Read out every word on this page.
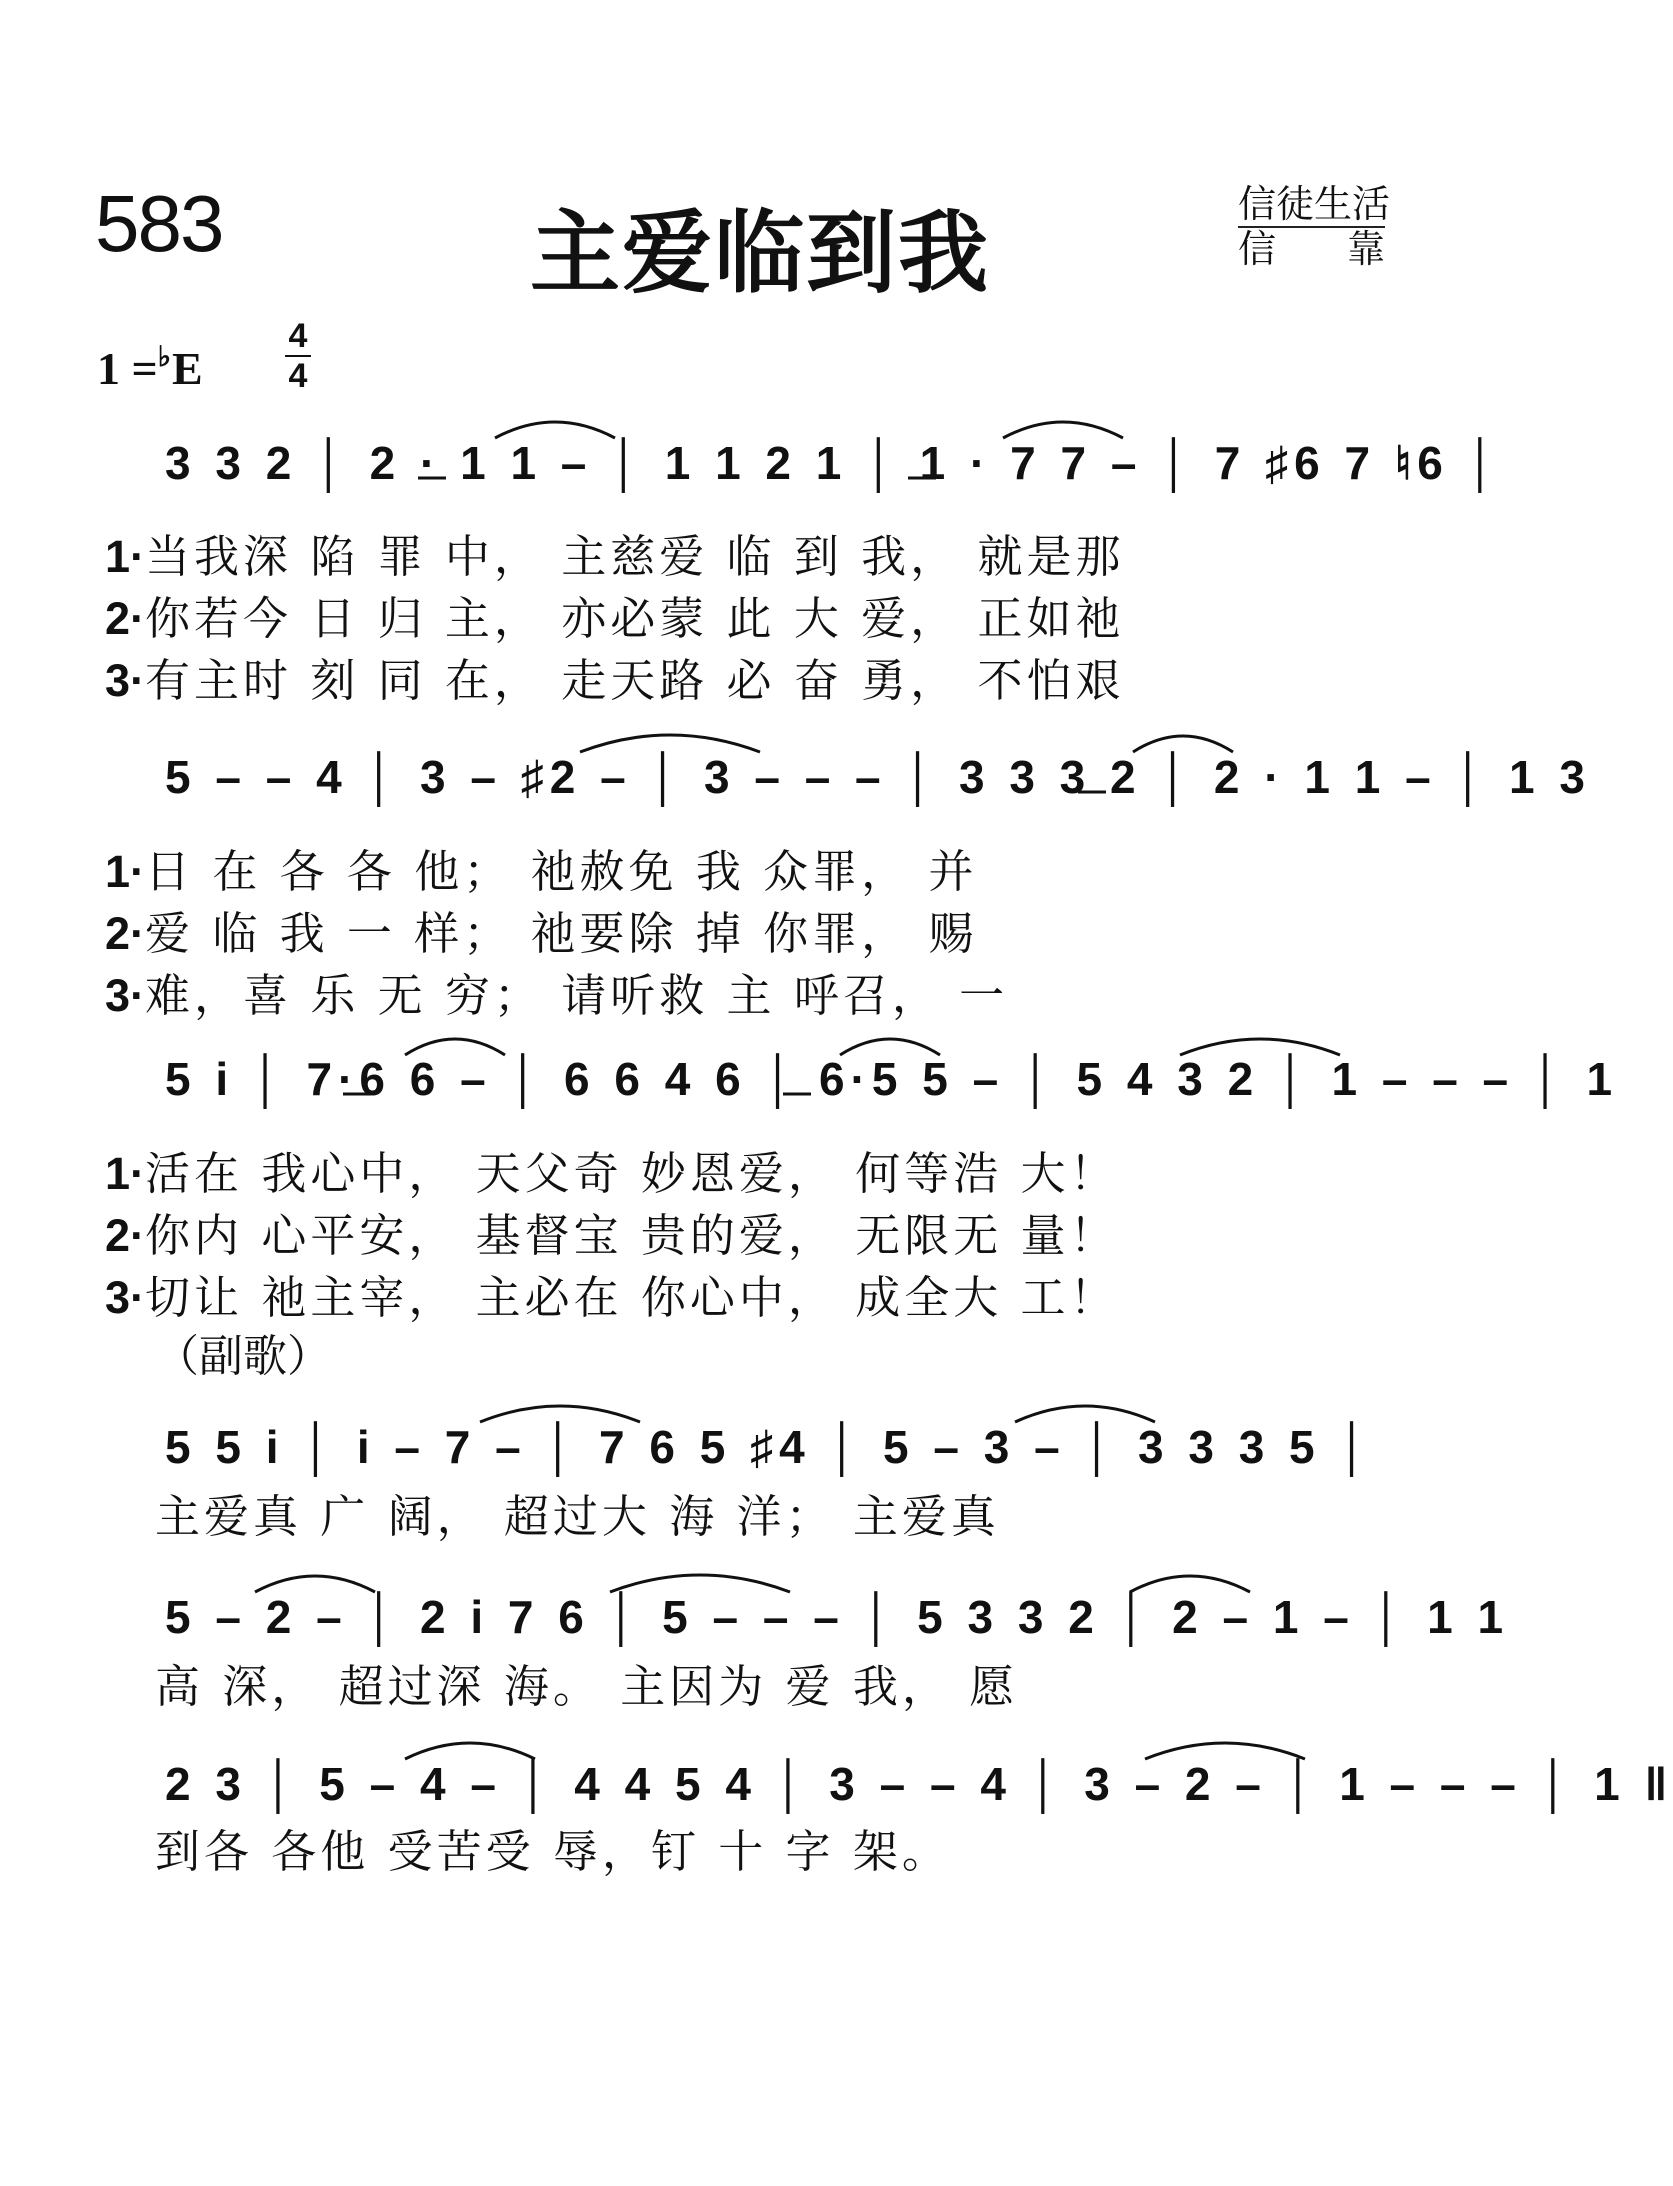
583	主爱临到我	信徒生活
信 靠
1 =♭E
4
4
3 3 2 │ 2 · 1 1 – │ 1 1 2 1 │ 1 · 7 7 – │ 7 ♯6 7 ♮6 │
1·当我深 陷 罪 中， 主慈爱 临 到 我， 就是那
2·你若今 日 归 主， 亦必蒙 此 大 爱， 正如祂
3·有主时 刻 同 在， 走天路 必 奋 勇， 不怕艰
5 – – 4 │ 3 – ♯2 – │ 3 – – – │ 3 3 3 2 │ 2 · 1 1 – │ 1 3
1·日 在 各 各 他； 祂赦免 我 众罪， 并
2·爱 临 我 一 样； 祂要除 掉 你罪， 赐
3·难，喜 乐 无 穷； 请听救 主 呼召， 一
5 i │ 7·6 6 – │ 6 6 4 6 │ 6·5 5 – │ 5 4 3 2 │ 1 – – – │ 1
1·活在 我心中， 天父奇 妙恩爱， 何等浩 大！
2·你内 心平安， 基督宝 贵的爱， 无限无 量！
3·切让 祂主宰， 主必在 你心中， 成全大 工！
（副歌）
5 5 i │ i – 7 – │ 7 6 5 ♯4 │ 5 – 3 – │ 3 3 3 5 │
主爱真 广 阔， 超过大 海 洋； 主爱真
5 – 2 – │ 2 i 7 6 │ 5 – – – │ 5 3 3 2 │ 2 – 1 – │ 1 1
高 深， 超过深 海。 主因为 爱 我， 愿
2 3 │ 5 – 4 – │ 4 4 5 4 │ 3 – – 4 │ 3 – 2 – │ 1 – – – │ 1 ‖
到各 各他 受苦受 辱，钉 十 字 架。
